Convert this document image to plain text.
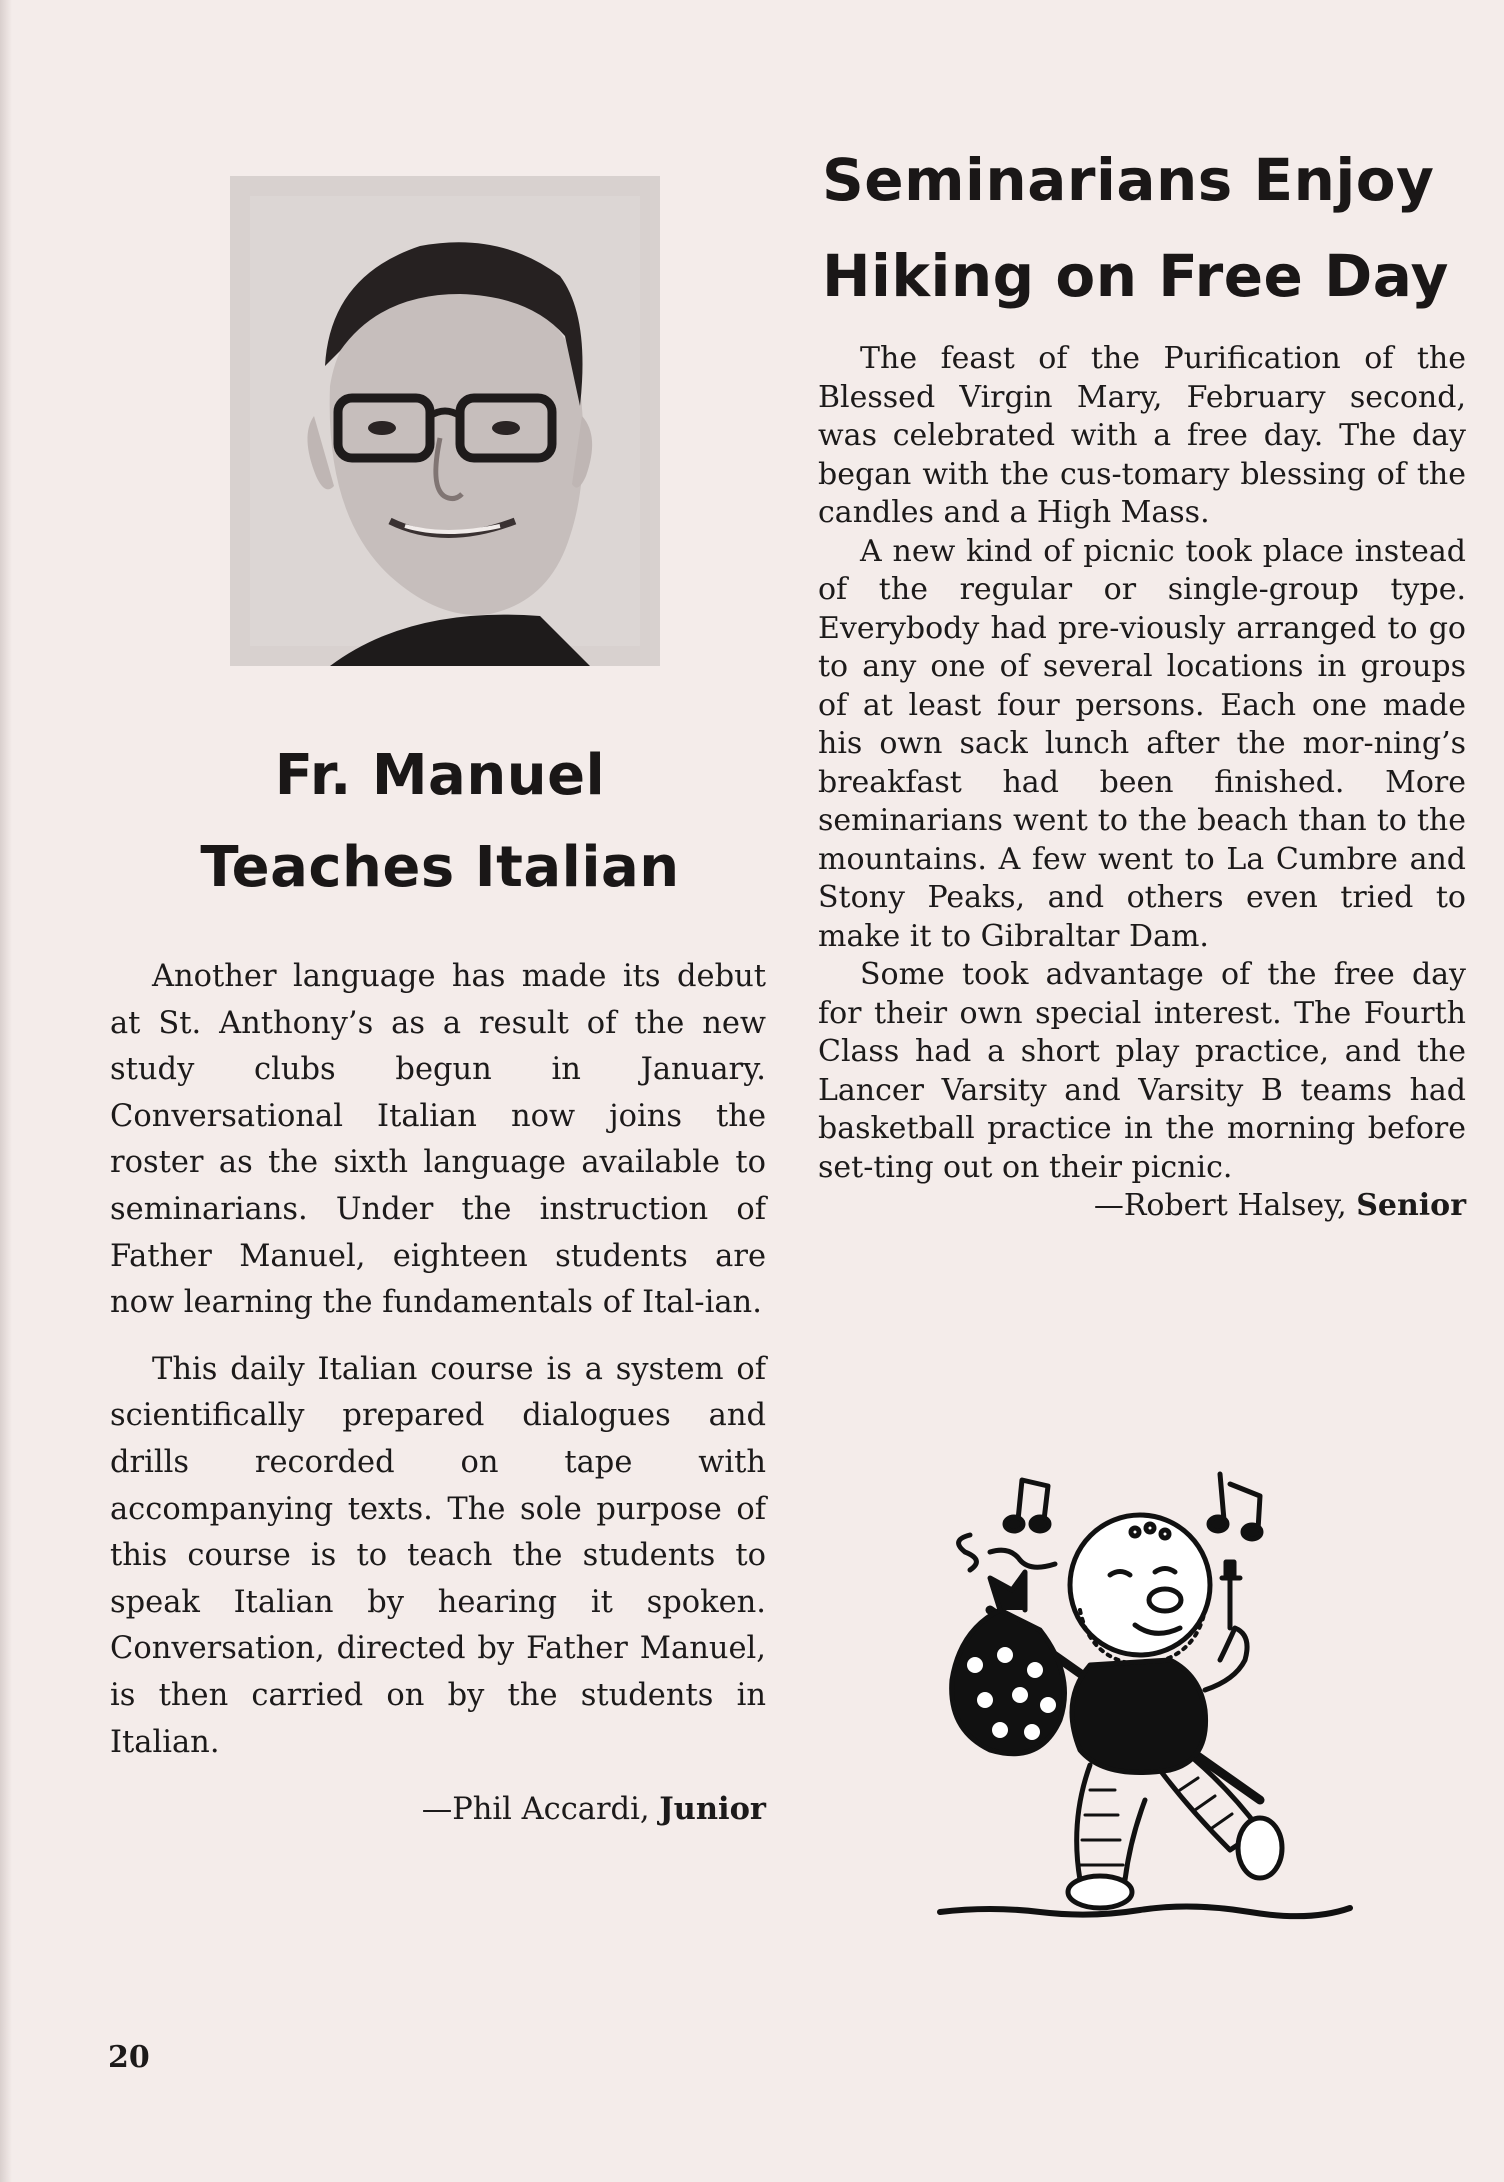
Fr. Manuel
Teaches Italian

Another language has made its debut at St. Anthony’s as a result of the new study clubs begun in January. Conversational Italian now joins the roster as the sixth language available to seminarians. Under the instruction of Father Manuel, eighteen students are now learning the fundamentals of Ital-ian.

This daily Italian course is a system of scientifically prepared dialogues and drills recorded on tape with accompanying texts. The sole purpose of this course is to teach the students to speak Italian by hearing it spoken. Conversation, directed by Father Manuel, is then carried on by the students in Italian.

—Phil Accardi, Junior

Seminarians Enjoy
Hiking on Free Day

The feast of the Purification of the Blessed Virgin Mary, February second, was celebrated with a free day. The day began with the cus-tomary blessing of the candles and a High Mass.

A new kind of picnic took place instead of the regular or single-group type. Everybody had pre-viously arranged to go to any one of several locations in groups of at least four persons. Each one made his own sack lunch after the mor-ning’s breakfast had been finished. More seminarians went to the beach than to the mountains. A few went to La Cumbre and Stony Peaks, and others even tried to make it to Gibraltar Dam.

Some took advantage of the free day for their own special interest. The Fourth Class had a short play practice, and the Lancer Varsity and Varsity B teams had basketball practice in the morning before set-ting out on their picnic.

—Robert Halsey, Senior

20
